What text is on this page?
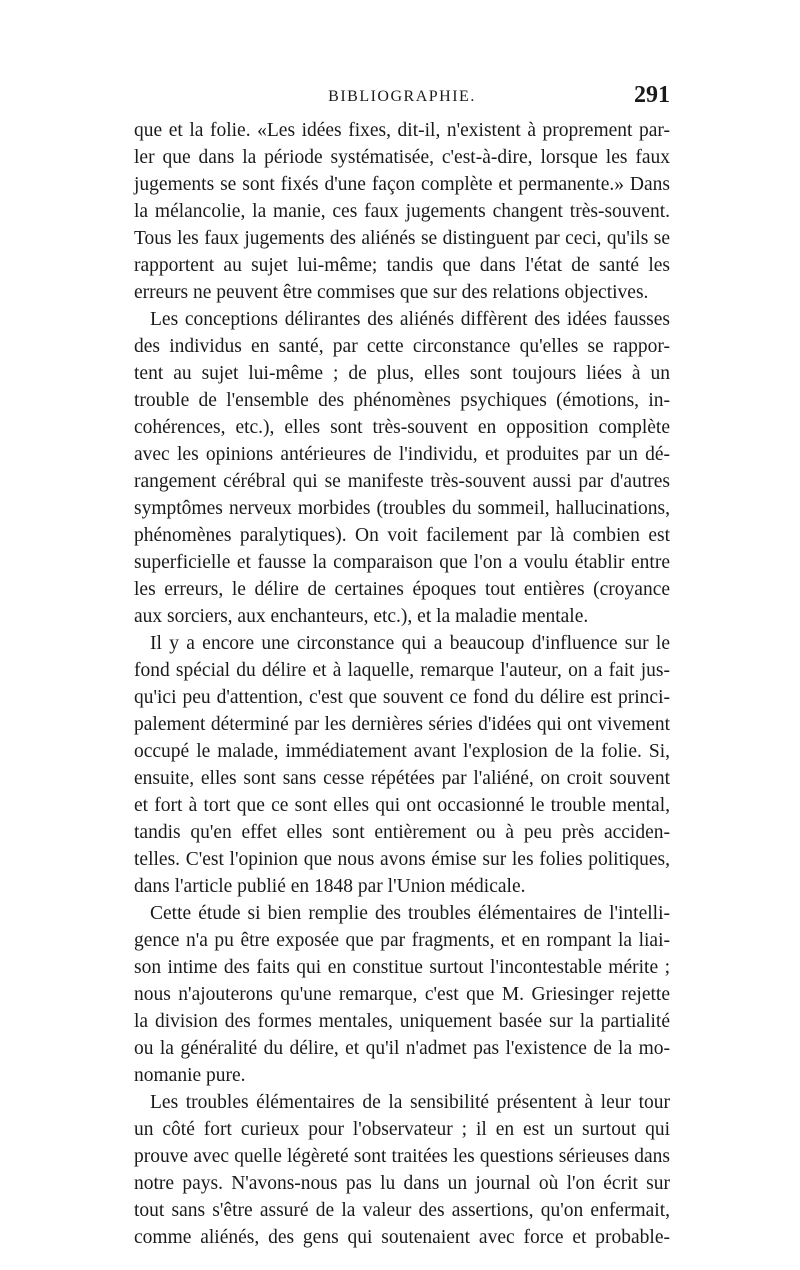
BIBLIOGRAPHIE.	291
que et la folie. «Les idées fixes, dit-il, n'existent à proprement par-
ler que dans la période systématisée, c'est-à-dire, lorsque les faux
jugements se sont fixés d'une façon complète et permanente.» Dans
la mélancolie, la manie, ces faux jugements changent très-souvent.
Tous les faux jugements des aliénés se distinguent par ceci, qu'ils se
rapportent au sujet lui-même; tandis que dans l'état de santé les
erreurs ne peuvent être commises que sur des relations objectives.
Les conceptions délirantes des aliénés diffèrent des idées fausses
des individus en santé, par cette circonstance qu'elles se rappor-
tent au sujet lui-même ; de plus, elles sont toujours liées à un
trouble de l'ensemble des phénomènes psychiques (émotions, in-
cohérences, etc.), elles sont très-souvent en opposition complète
avec les opinions antérieures de l'individu, et produites par un dé-
rangement cérébral qui se manifeste très-souvent aussi par d'autres
symptômes nerveux morbides (troubles du sommeil, hallucinations,
phénomènes paralytiques). On voit facilement par là combien est
superficielle et fausse la comparaison que l'on a voulu établir entre
les erreurs, le délire de certaines époques tout entières (croyance
aux sorciers, aux enchanteurs, etc.), et la maladie mentale.
Il y a encore une circonstance qui a beaucoup d'influence sur le
fond spécial du délire et à laquelle, remarque l'auteur, on a fait jus-
qu'ici peu d'attention, c'est que souvent ce fond du délire est princi-
palement déterminé par les dernières séries d'idées qui ont vivement
occupé le malade, immédiatement avant l'explosion de la folie. Si,
ensuite, elles sont sans cesse répétées par l'aliéné, on croit souvent
et fort à tort que ce sont elles qui ont occasionné le trouble mental,
tandis qu'en effet elles sont entièrement ou à peu près acciden-
telles. C'est l'opinion que nous avons émise sur les folies politiques,
dans l'article publié en 1848 par l'Union médicale.
Cette étude si bien remplie des troubles élémentaires de l'intelli-
gence n'a pu être exposée que par fragments, et en rompant la liai-
son intime des faits qui en constitue surtout l'incontestable mérite ;
nous n'ajouterons qu'une remarque, c'est que M. Griesinger rejette
la division des formes mentales, uniquement basée sur la partialité
ou la généralité du délire, et qu'il n'admet pas l'existence de la mo-
nomanie pure.
Les troubles élémentaires de la sensibilité présentent à leur tour
un côté fort curieux pour l'observateur ; il en est un surtout qui
prouve avec quelle légèreté sont traitées les questions sérieuses dans
notre pays. N'avons-nous pas lu dans un journal où l'on écrit sur
tout sans s'être assuré de la valeur des assertions, qu'on enfermait,
comme aliénés, des gens qui soutenaient avec force et probable-
